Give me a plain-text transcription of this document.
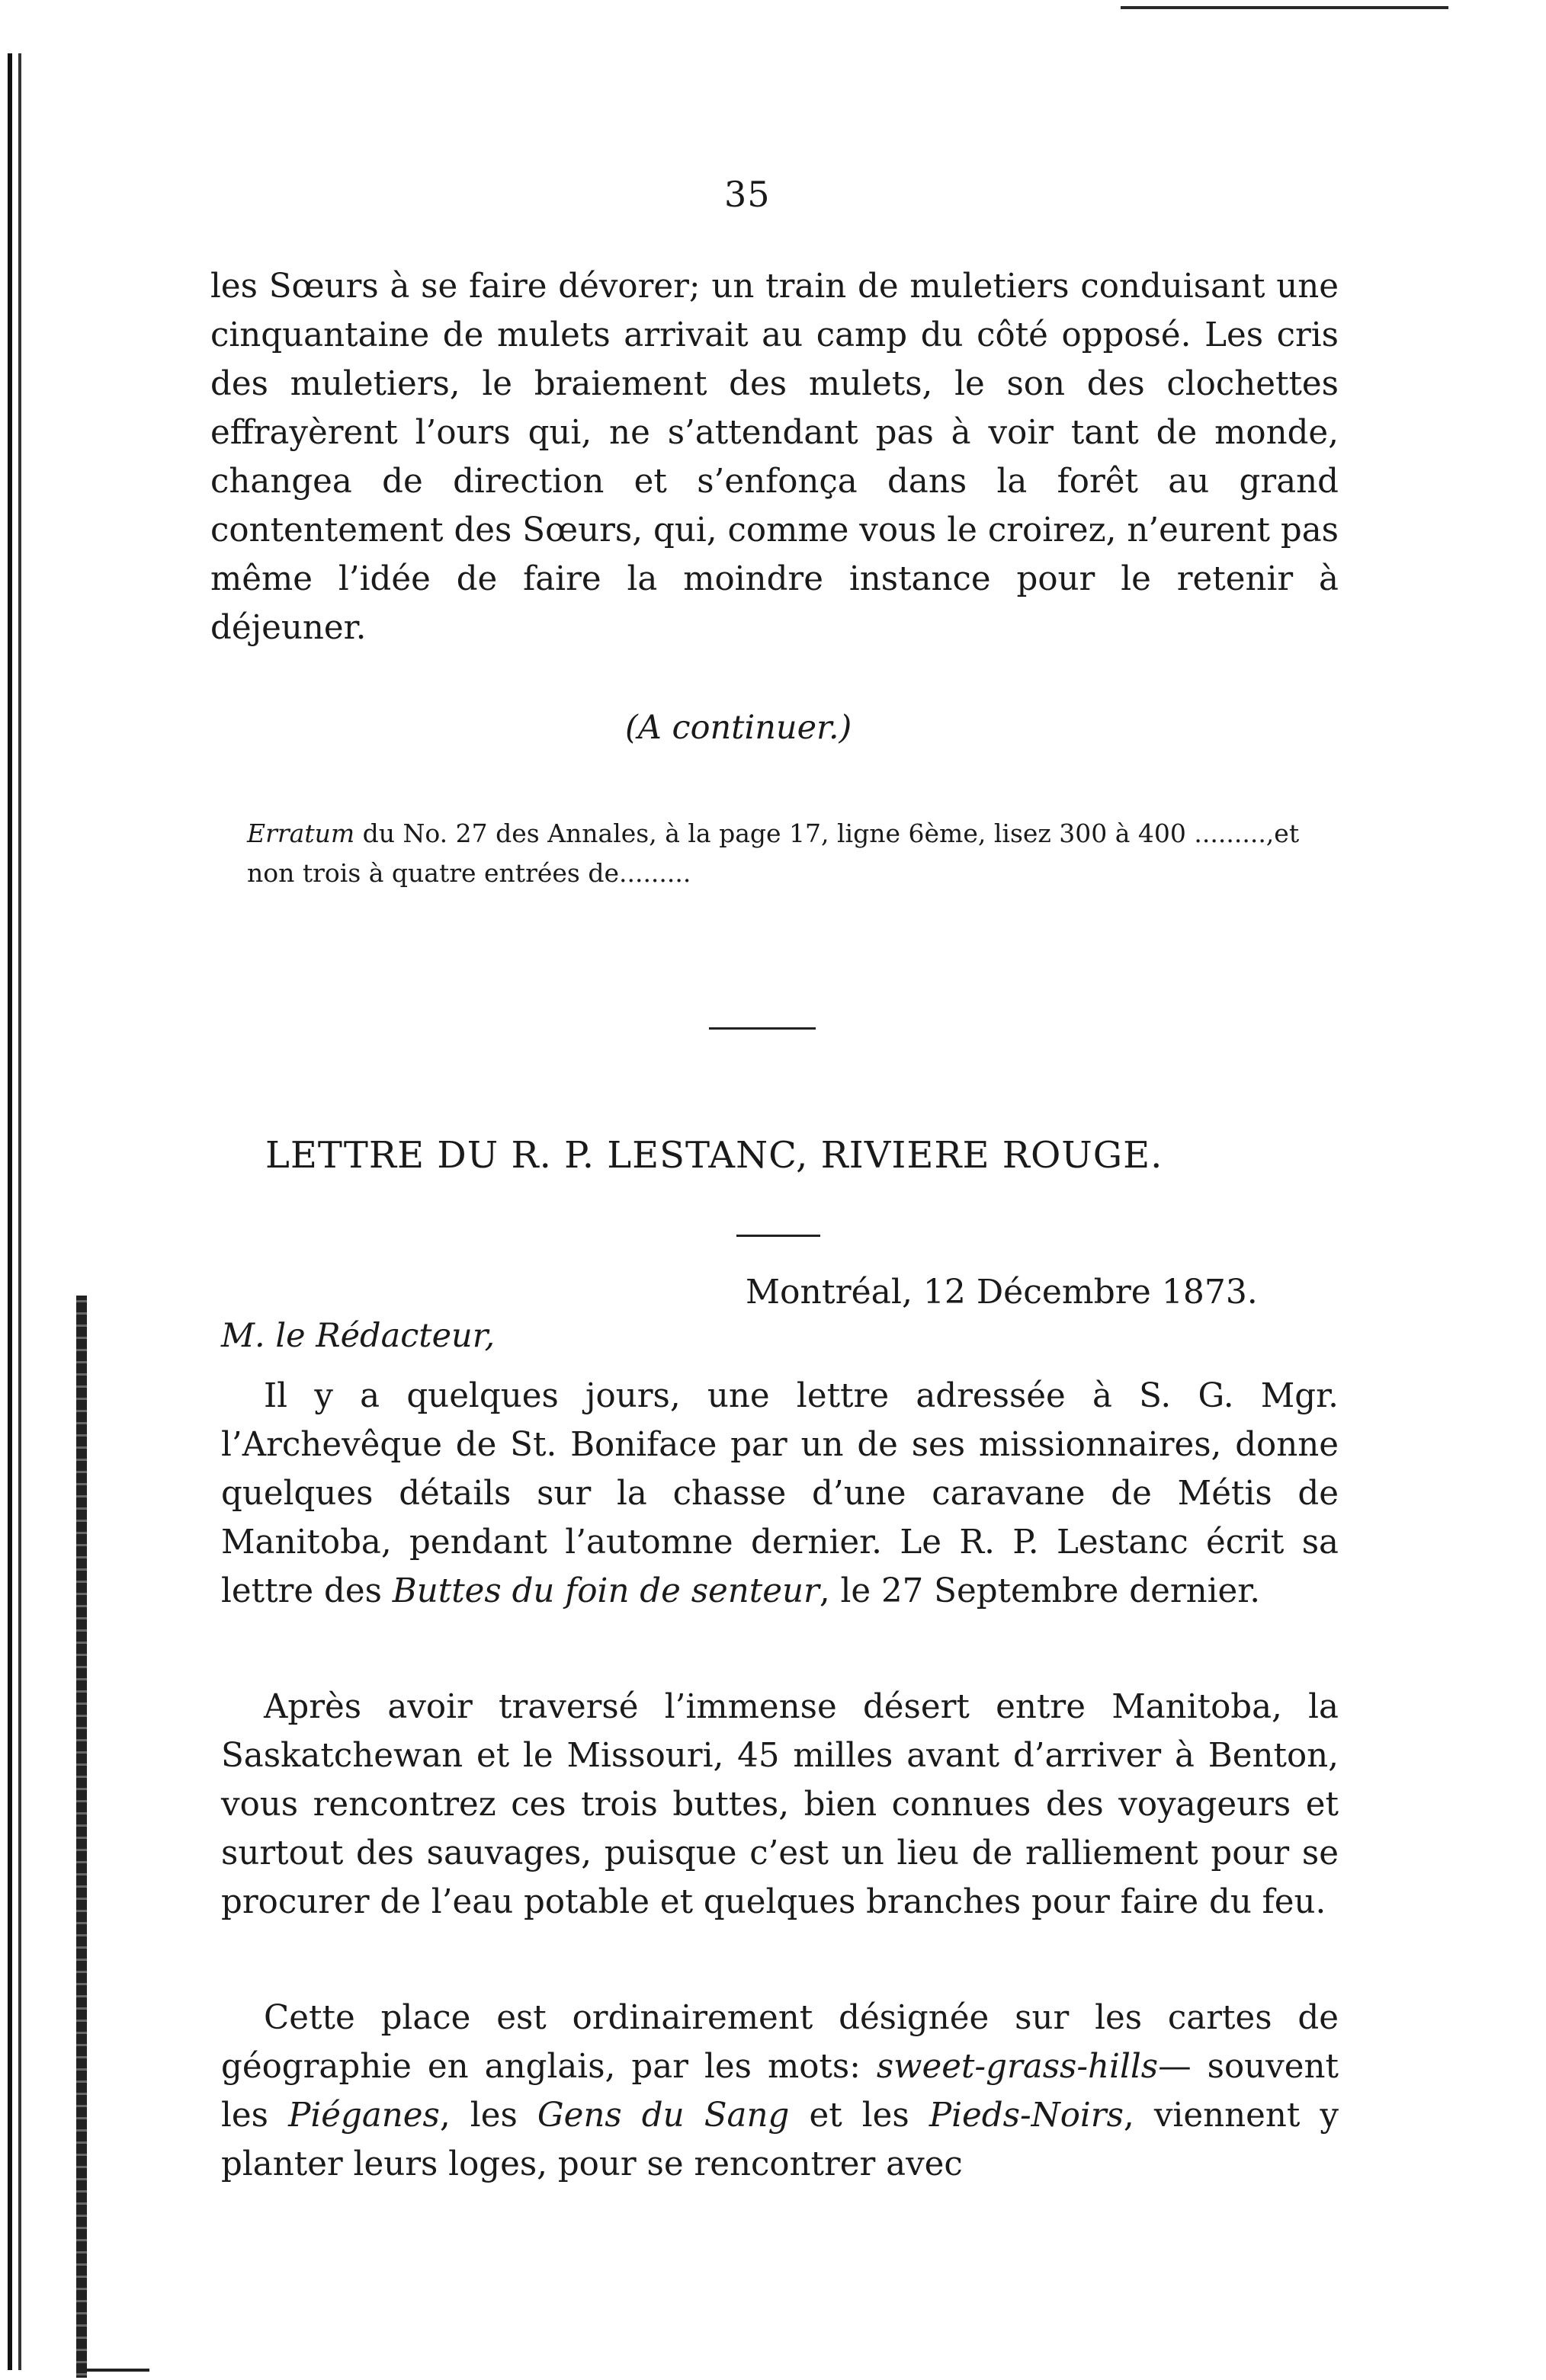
35

les Sœurs à se faire dévorer; un train de muletiers conduisant une cinquantaine de mulets arrivait au camp du côté opposé. Les cris des muletiers, le braiement des mulets, le son des clochettes effrayèrent l’ours qui, ne s’attendant pas à voir tant de monde, changea de direction et s’enfonça dans la forêt au grand contentement des Sœurs, qui, comme vous le croirez, n’eurent pas même l’idée de faire la moindre instance pour le retenir à déjeuner.

(A continuer.)

Erratum du No. 27 des Annales, à la page 17, ligne 6ème, lisez 300 à 400 .........,et non trois à quatre entrées de.........

LETTRE DU R. P. LESTANC, RIVIERE ROUGE.
Montréal, 12 Décembre 1873.
M. le Rédacteur,

Il y a quelques jours, une lettre adressée à S. G. Mgr. l’Archevêque de St. Boniface par un de ses missionnaires, donne quelques détails sur la chasse d’une caravane de Métis de Manitoba, pendant l’automne dernier. Le R. P. Lestanc écrit sa lettre des Buttes du foin de senteur, le 27 Septembre dernier.

Après avoir traversé l’immense désert entre Manitoba, la Saskatchewan et le Missouri, 45 milles avant d’arriver à Benton, vous rencontrez ces trois buttes, bien connues des voyageurs et surtout des sauvages, puisque c’est un lieu de ralliement pour se procurer de l’eau potable et quelques branches pour faire du feu.

Cette place est ordinairement désignée sur les cartes de géographie en anglais, par les mots: sweet-grass-hills— souvent les Piéganes, les Gens du Sang et les Pieds-Noirs, viennent y planter leurs loges, pour se rencontrer avec
